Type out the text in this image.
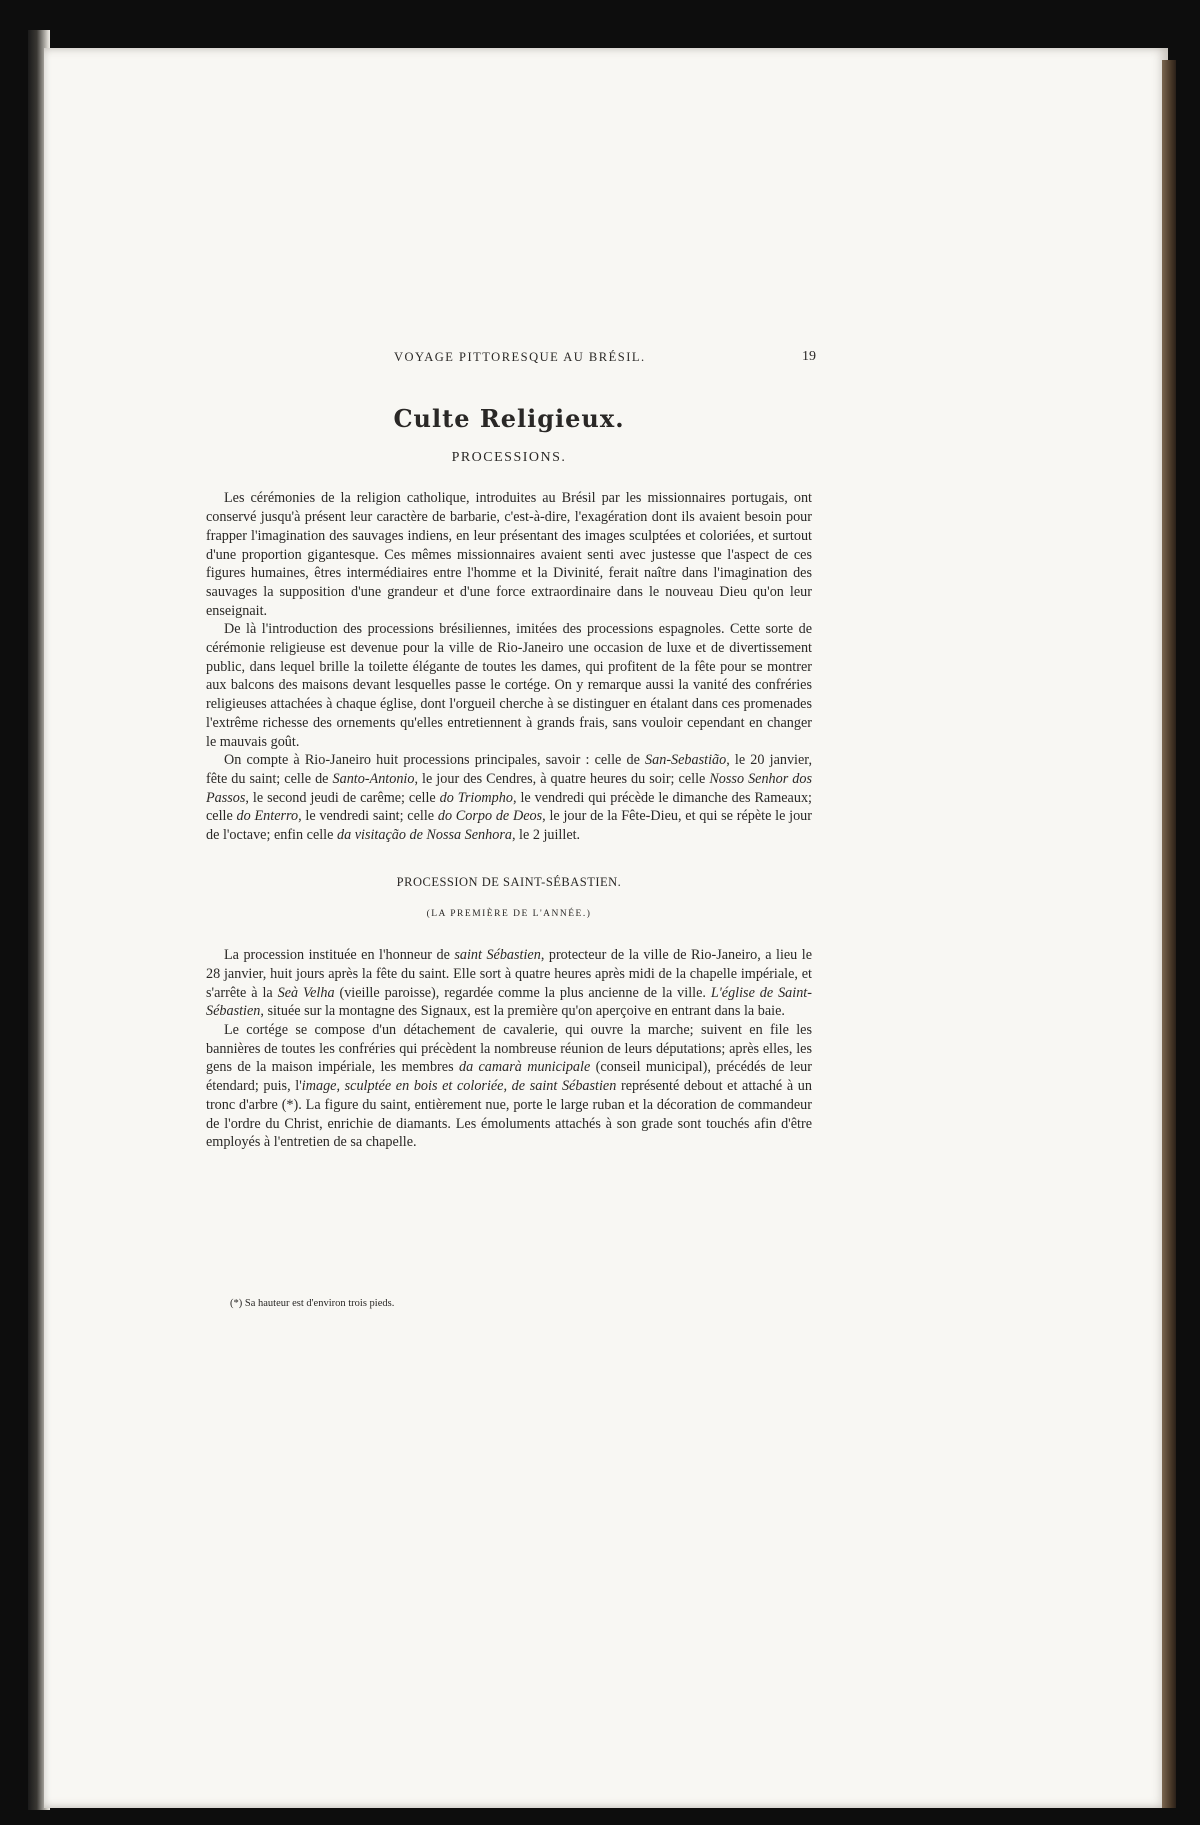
VOYAGE PITTORESQUE AU BRÉSIL.	19
Culte Religieux.
PROCESSIONS.

Les cérémonies de la religion catholique, introduites au Brésil par les missionnaires portugais, ont conservé jusqu'à présent leur caractère de barbarie, c'est-à-dire, l'exagération dont ils avaient besoin pour frapper l'imagination des sauvages indiens, en leur présentant des images sculptées et coloriées, et surtout d'une proportion gigantesque. Ces mêmes missionnaires avaient senti avec justesse que l'aspect de ces figures humaines, êtres intermédiaires entre l'homme et la Divinité, ferait naître dans l'imagination des sauvages la supposition d'une grandeur et d'une force extraordinaire dans le nouveau Dieu qu'on leur enseignait.

De là l'introduction des processions brésiliennes, imitées des processions espagnoles. Cette sorte de cérémonie religieuse est devenue pour la ville de Rio-Janeiro une occasion de luxe et de divertissement public, dans lequel brille la toilette élégante de toutes les dames, qui profitent de la fête pour se montrer aux balcons des maisons devant lesquelles passe le cortége. On y remarque aussi la vanité des confréries religieuses attachées à chaque église, dont l'orgueil cherche à se distinguer en étalant dans ces promenades l'extrême richesse des ornements qu'elles entretiennent à grands frais, sans vouloir cependant en changer le mauvais goût.

On compte à Rio-Janeiro huit processions principales, savoir : celle de San-Sebastião, le 20 janvier, fête du saint; celle de Santo-Antonio, le jour des Cendres, à quatre heures du soir; celle Nosso Senhor dos Passos, le second jeudi de carême; celle do Triompho, le vendredi qui précède le dimanche des Rameaux; celle do Enterro, le vendredi saint; celle do Corpo de Deos, le jour de la Fête-Dieu, et qui se répète le jour de l'octave; enfin celle da visitação de Nossa Senhora, le 2 juillet.

PROCESSION DE SAINT-SÉBASTIEN.
(LA PREMIÈRE DE L'ANNÉE.)

La procession instituée en l'honneur de saint Sébastien, protecteur de la ville de Rio-Janeiro, a lieu le 28 janvier, huit jours après la fête du saint. Elle sort à quatre heures après midi de la chapelle impériale, et s'arrête à la Seà Velha (vieille paroisse), regardée comme la plus ancienne de la ville. L'église de Saint-Sébastien, située sur la montagne des Signaux, est la première qu'on aperçoive en entrant dans la baie.

Le cortége se compose d'un détachement de cavalerie, qui ouvre la marche; suivent en file les bannières de toutes les confréries qui précèdent la nombreuse réunion de leurs députations; après elles, les gens de la maison impériale, les membres da camarà municipale (conseil municipal), précédés de leur étendard; puis, l'image, sculptée en bois et coloriée, de saint Sébastien représenté debout et attaché à un tronc d'arbre (*). La figure du saint, entièrement nue, porte le large ruban et la décoration de commandeur de l'ordre du Christ, enrichie de diamants. Les émoluments attachés à son grade sont touchés afin d'être employés à l'entretien de sa chapelle.

(*) Sa hauteur est d'environ trois pieds.
